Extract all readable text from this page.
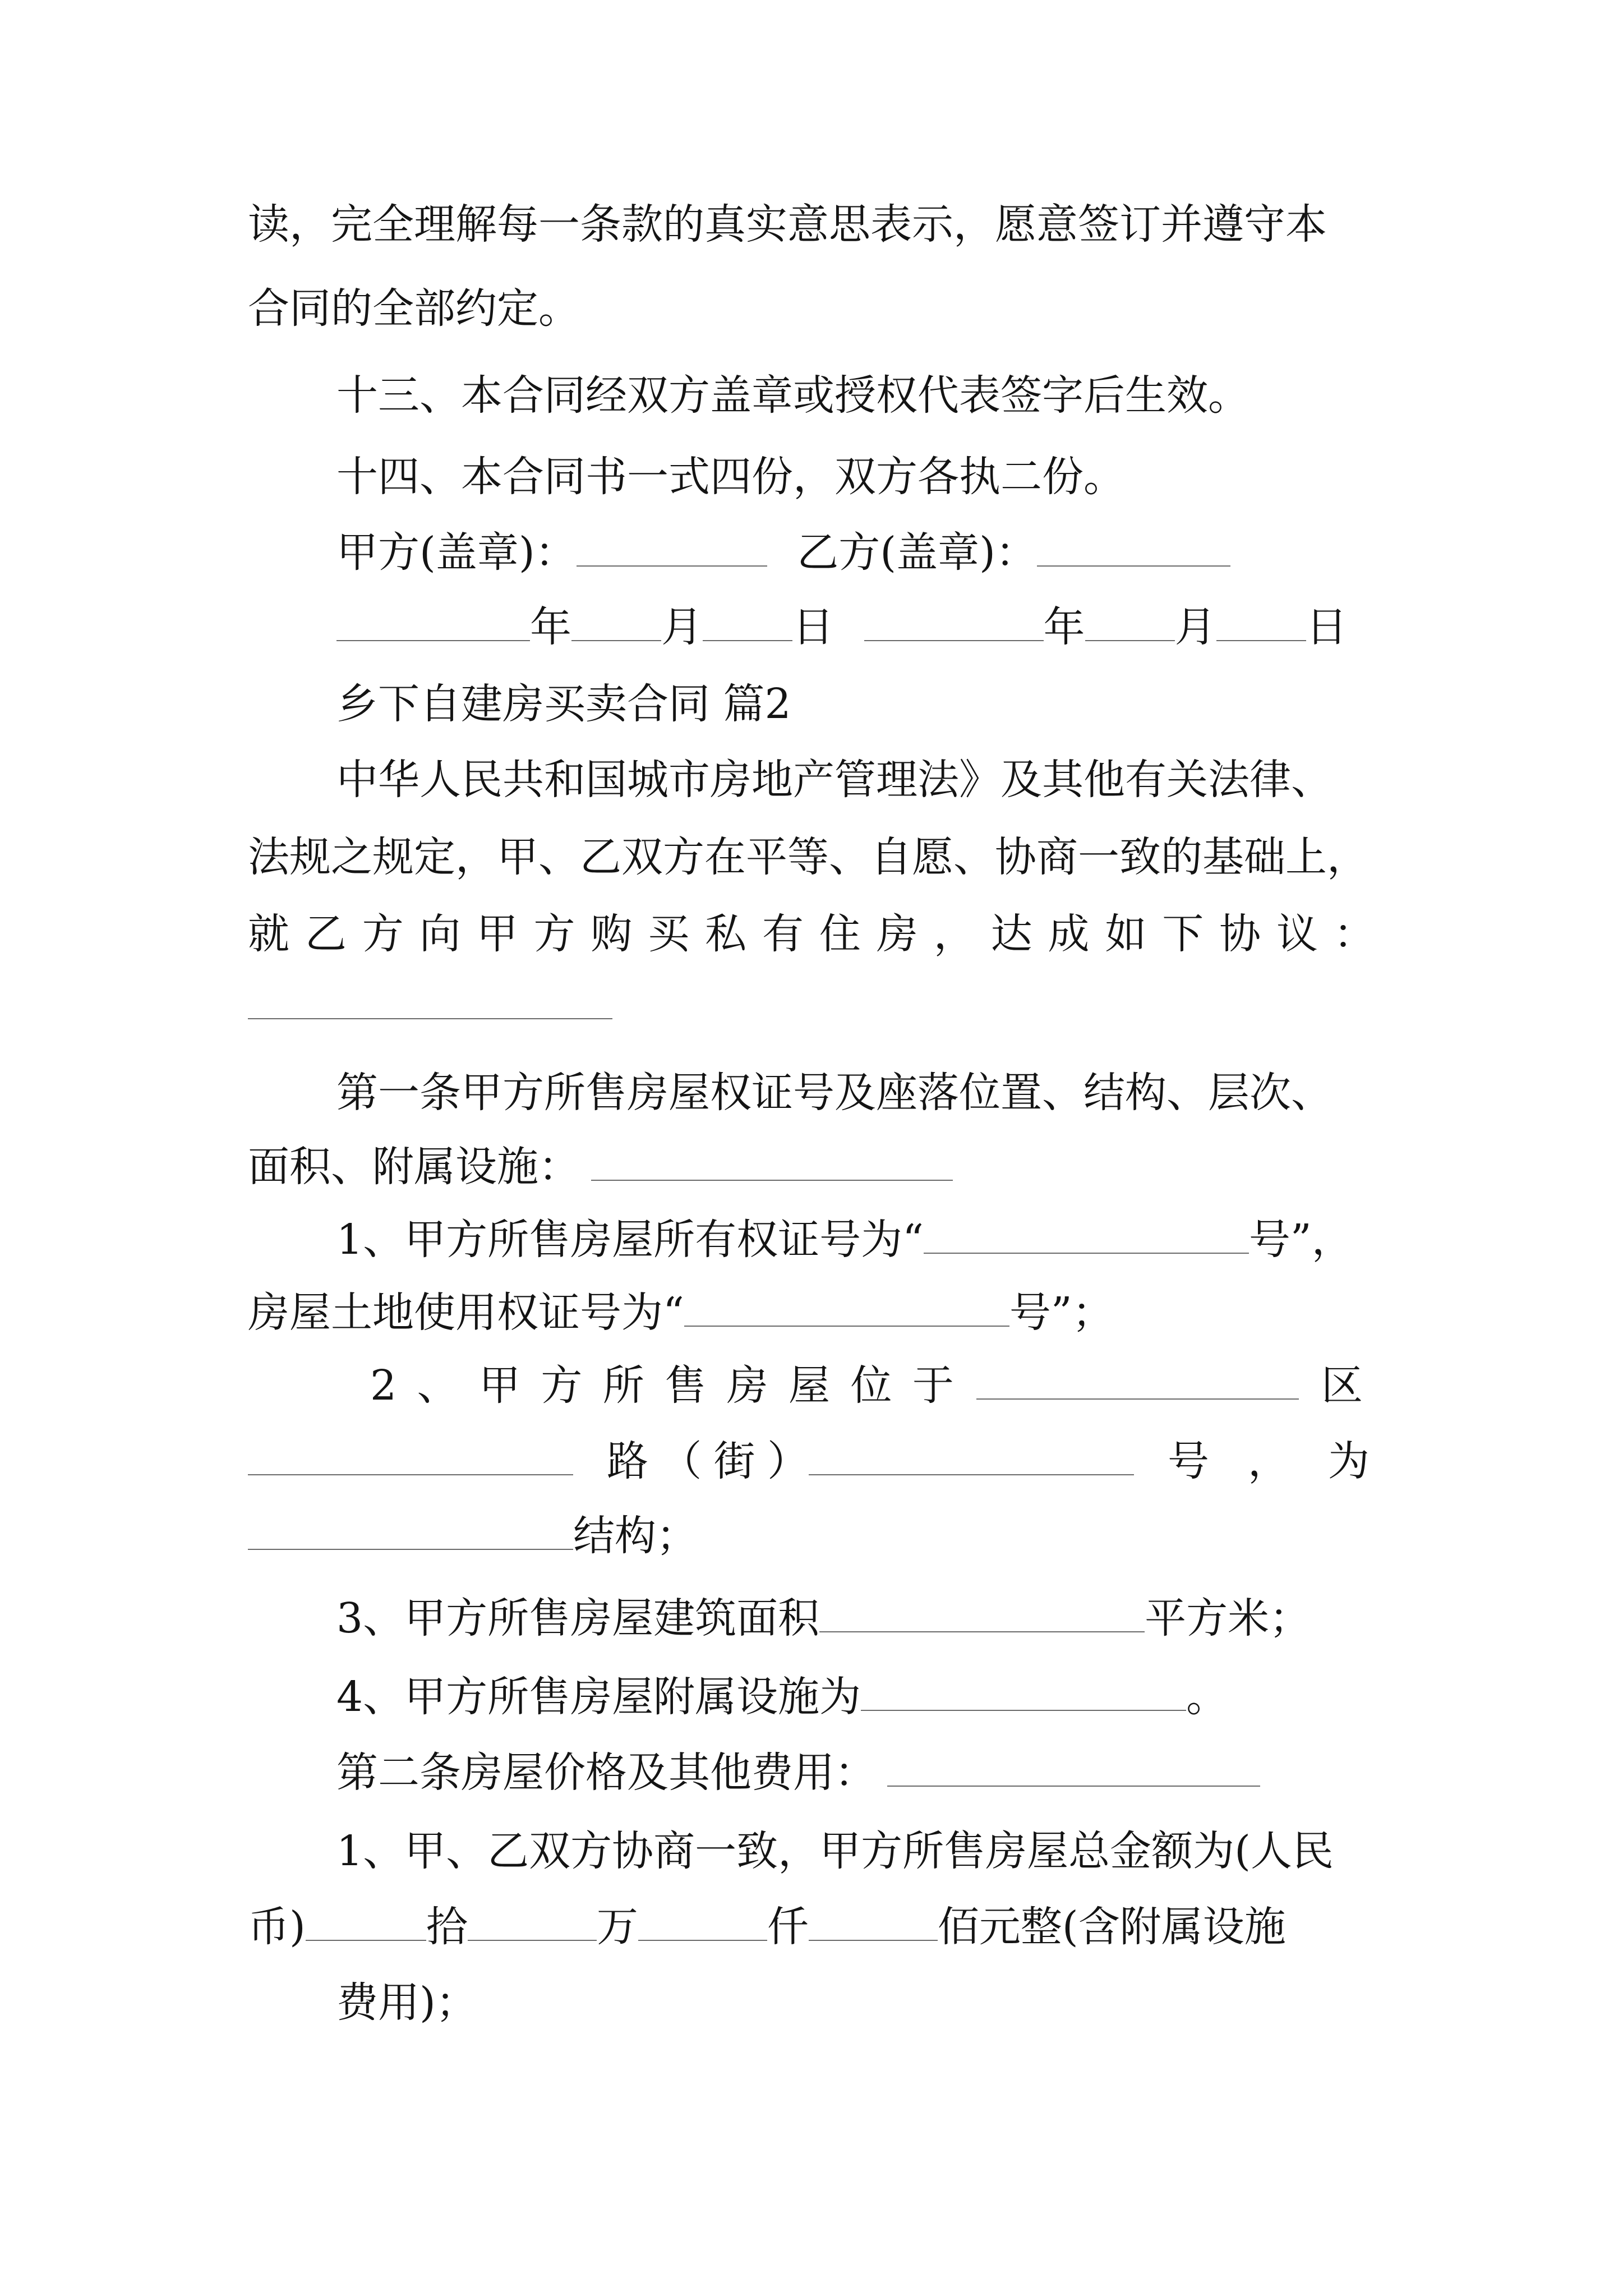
读，完全理解每一条款的真实意思表示，愿意签订并遵守本
合同的全部约定。
十三、本合同经双方盖章或授权代表签字后生效。
十四、本合同书一式四份，双方各执二份。
甲方(盖章)：	乙方(盖章)：
年 月 日	年 月 日
乡下自建房买卖合同 篇2
中华人民共和国城市房地产管理法》及其他有关法律、
法规之规定，甲、乙双方在平等、自愿、协商一致的基础上，
就 乙 方 向 甲 方 购 买 私 有 住 房 ， 达 成 如 下 协 议 ：
第一条甲方所售房屋权证号及座落位置、结构、层次、
面积、附属设施：
1、甲方所售房屋所有权证号为“	号”，
房屋土地使用权证号为“	号”；
2 、 甲 方 所 售 房 屋 位 于	区
路 （ 街 ）	号 ， 为
结构；
3、甲方所售房屋建筑面积	平方米；
4、甲方所售房屋附属设施为	。
第二条房屋价格及其他费用：
1、甲、乙双方协商一致，甲方所售房屋总金额为(人民
币)	拾	万	仟	佰元整(含附属设施
费用)；
